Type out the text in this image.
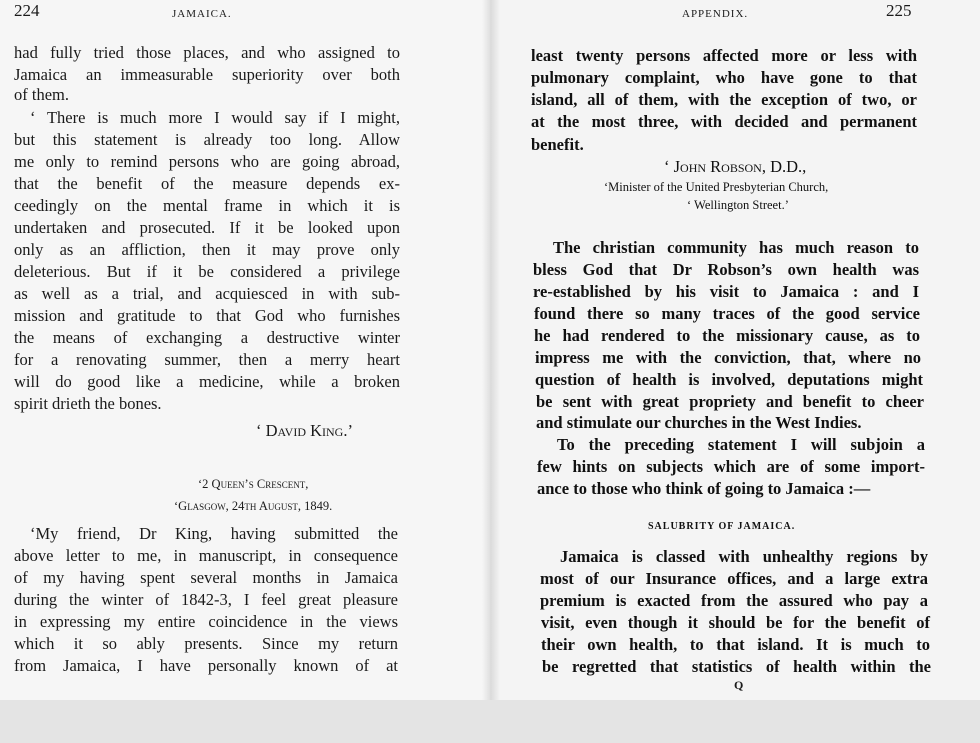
224	JAMAICA.
had fully tried those places, and who assigned to
Jamaica an immeasurable superiority over both
of them.
‘ There is much more I would say if I might,
but this statement is already too long. Allow
me only to remind persons who are going abroad,
that the benefit of the measure depends ex-
ceedingly on the mental frame in which it is
undertaken and prosecuted. If it be looked upon
only as an affliction, then it may prove only
deleterious. But if it be considered a privilege
as well as a trial, and acquiesced in with sub-
mission and gratitude to that God who furnishes
the means of exchanging a destructive winter
for a renovating summer, then a merry heart
will do good like a medicine, while a broken
spirit drieth the bones.
‘ David King.’
‘2 Queen’s Crescent,
‘Glasgow, 24th August, 1849.
‘My friend, Dr King, having submitted the
above letter to me, in manuscript, in consequence
of my having spent several months in Jamaica
during the winter of 1842-3, I feel great pleasure
in expressing my entire coincidence in the views
which it so ably presents. Since my return
from Jamaica, I have personally known of at
APPENDIX.	225
least twenty persons affected more or less with
pulmonary complaint, who have gone to that
island, all of them, with the exception of two, or
at the most three, with decided and permanent
benefit.
‘ John Robson, D.D.,
‘Minister of the United Presbyterian Church,
‘ Wellington Street.’
The christian community has much reason to
bless God that Dr Robson’s own health was
re-established by his visit to Jamaica : and I
found there so many traces of the good service
he had rendered to the missionary cause, as to
impress me with the conviction, that, where no
question of health is involved, deputations might
be sent with great propriety and benefit to cheer
and stimulate our churches in the West Indies.
To the preceding statement I will subjoin a
few hints on subjects which are of some import-
ance to those who think of going to Jamaica :—
SALUBRITY OF JAMAICA.
Jamaica is classed with unhealthy regions by
most of our Insurance offices, and a large extra
premium is exacted from the assured who pay a
visit, even though it should be for the benefit of
their own health, to that island. It is much to
be regretted that statistics of health within the
Q
